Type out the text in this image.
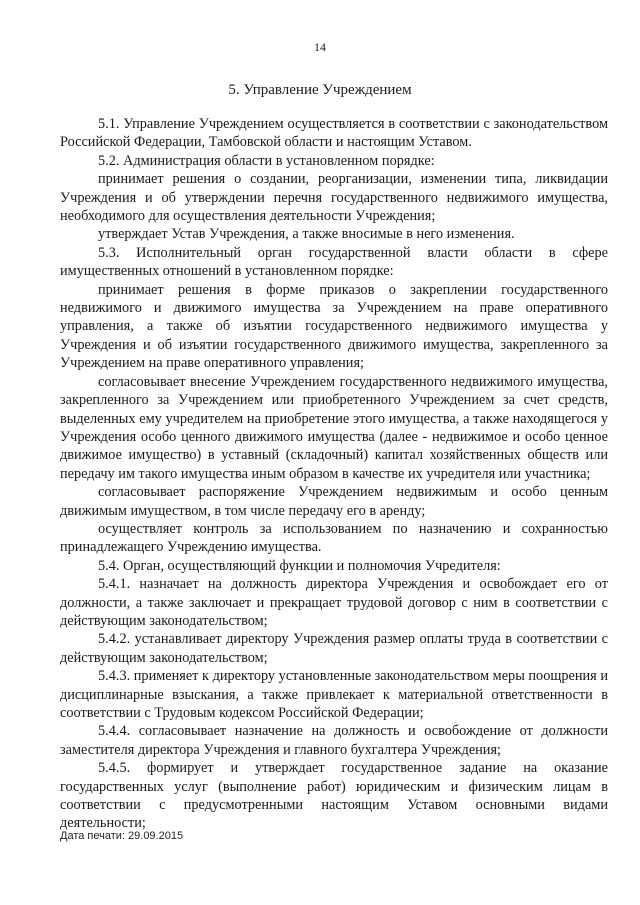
14
5. Управление Учреждением

5.1. Управление Учреждением осуществляется в соответствии с законодательством Российской Федерации, Тамбовской области и настоящим Уставом.

5.2. Администрация области в установленном порядке:

принимает решения о создании, реорганизации, изменении типа, ликвидации Учреждения и об утверждении перечня государственного недвижимого имущества, необходимого для осуществления деятельности Учреждения;

утверждает Устав Учреждения, а также вносимые в него изменения.

5.3. Исполнительный орган государственной власти области в сфере имущественных отношений в установленном порядке:

принимает решения в форме приказов о закреплении государственного недвижимого и движимого имущества за Учреждением на праве оперативного управления, а также об изъятии государственного недвижимого имущества у Учреждения и об изъятии государственного движимого имущества, закрепленного за Учреждением на праве оперативного управления;

согласовывает внесение Учреждением государственного недвижимого имущества, закрепленного за Учреждением или приобретенного Учреждением за счет средств, выделенных ему учредителем на приобретение этого имущества, а также находящегося у Учреждения особо ценного движимого имущества (далее - недвижимое и особо ценное движимое имущество) в уставный (складочный) капитал хозяйственных обществ или передачу им такого имущества иным образом в качестве их учредителя или участника;

согласовывает распоряжение Учреждением недвижимым и особо ценным движимым имуществом, в том числе передачу его в аренду;

осуществляет контроль за использованием по назначению и сохранностью принадлежащего Учреждению имущества.

5.4. Орган, осуществляющий функции и полномочия Учредителя:

5.4.1. назначает на должность директора Учреждения и освобождает его от должности, а также заключает и прекращает трудовой договор с ним в соответствии с действующим законодательством;

5.4.2. устанавливает директору Учреждения размер оплаты труда в соответствии с действующим законодательством;

5.4.3. применяет к директору установленные законодательством меры поощрения и дисциплинарные взыскания, а также привлекает к материальной ответственности в соответствии с Трудовым кодексом Российской Федерации;

5.4.4. согласовывает назначение на должность и освобождение от должности заместителя директора Учреждения и главного бухгалтера Учреждения;

5.4.5. формирует и утверждает государственное задание на оказание государственных услуг (выполнение работ) юридическим и физическим лицам в соответствии с предусмотренными настоящим Уставом основными видами деятельности;

Дата печати: 29.09.2015
